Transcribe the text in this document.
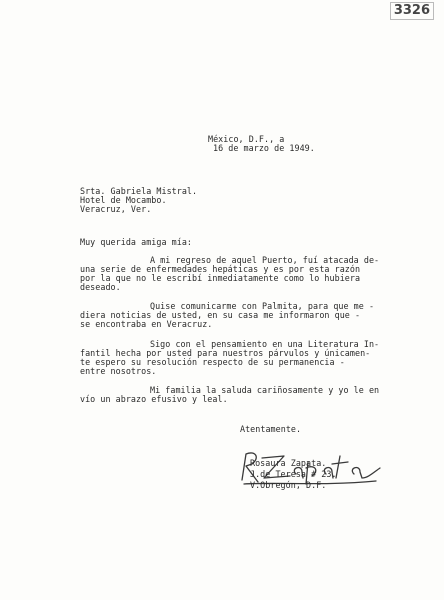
3326
México, D.F., a
16 de marzo de 1949.
Srta. Gabriela Mistral.
Hotel de Mocambo.
Veracruz, Ver.
Muy querida amiga mía:
A mi regreso de aquel Puerto, fuí atacada de-
una serie de enfermedades hepáticas y es por esta razón
por la que no le escribí inmediatamente como lo hubiera
deseado.
Quise comunicarme con Palmita, para que me -
diera noticias de usted, en su casa me informaron que -
se encontraba en Veracruz.
Sigo con el pensamiento en una Literatura In-
fantil hecha por usted para nuestros párvulos y únicamen-
te espero su resolución respecto de su permanencia -
entre nosotros.
Mi familia la saluda cariñosamente y yo le en
vío un abrazo efusivo y leal.
Atentamente.
Rosaura Zapata.
J.de Teresa # 23.
V.Obregón, D.F.
